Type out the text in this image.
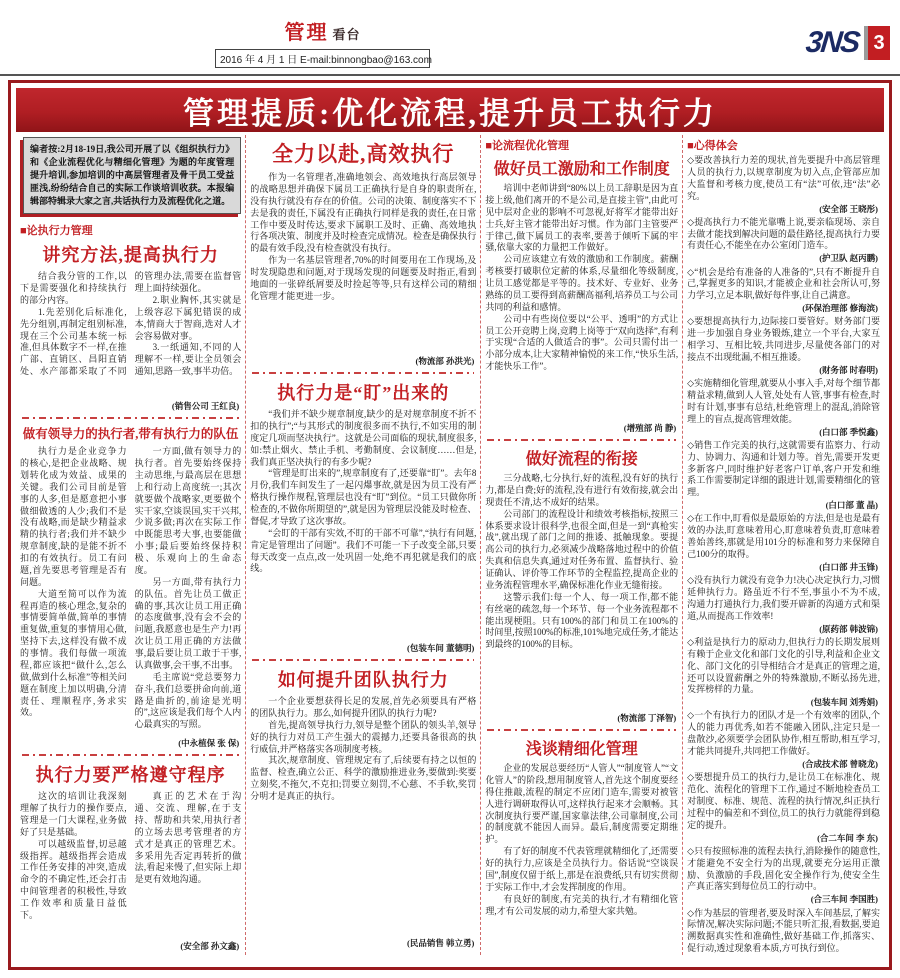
管理 看台
2016 年 4 月 1 日 E-mail:binnongbao@163.com
3NS 3
管理提质:优化流程,提升员工执行力

编者按:2月18-19日,我公司开展了以《组织执行力》和《企业流程优化与精细化管理》为题的年度管理提升培训,参加培训的中高层管理者及骨干员工受益匪浅,纷纷结合自己的实际工作谈培训收获。本报编辑部特辑录大家之言,共话执行力及流程优化之道。

■论执行力管理
讲究方法,提高执行力

结合我分管的工作,以下是需要强化和持续执行的部分内容。

1.先差别化后标准化,先分组别,再制定组别标准,现在三个公司基本统一标准,但具体数字不一样,在推广部、直销区、昌阳直销处、水产部都采取了不同的管理办法,需要在监督管理上面持续强化。

2.职业胸怀,其实就是上级容忍下属犯错误的成本,情商大于智商,选对人才会容易做对事。

3.一纸通知,不同的人理解不一样,要让全员领会通知,思路一致,事半功倍。

(销售公司 王红良)
做有领导力的执行者,带有执行力的队伍

执行力是企业竞争力的核心,是把企业战略、规划转化成为效益、成果的关键。我们公司目前是管事的人多,但是愿意把小事做细做透的人少;我们不是没有战略,而是缺少精益求精的执行者;我们并不缺少规章制度,缺的是能不折不扣的有效执行。员工有问题,首先要思考管理是否有问题。

大道至简可以作为流程再造的核心理念,复杂的事情要简单做,简单的事情重复做,重复的事情用心做,坚持下去,这样没有做不成的事情。我们每做一项流程,都应该把“做什么,怎么做,做到什么标准”等相关问题在制度上加以明确,分清责任、理顺程序,务求实效。

一方面,做有领导力的执行者。首先要始终保持主动思维,与最高层在思想上和行动上高度统一;其次就要做个战略家,更要做个实干家,空谈误国,实干兴邦,少说多做;再次在实际工作中既能思考大事,也要能做小事;最后要始终保持积极、乐观向上的生命态度。

另一方面,带有执行力的队伍。首先让员工做正确的事,其次让员工用正确的态度做事,没有会不会的问题,我愿意也是生产力!再次让员工用正确的方法做事,最后要让员工敢于干事,认真做事,会干事,不出事。

毛主席说“党总要努力奋斗,我们总要拼命向前,道路是曲折的,前途是光明的”,这应该是我们每个人内心最真实的写照。

(中永植保 张 保)
执行力要严格遵守程序

这次的培训让我深刻理解了执行力的操作要点,管理是一门大课程,业务做好了只是基础。

可以越级监督,切忌越级指挥。越级指挥会造成工作任务安排的冲突,造成命令的不确定性,还会打击中间管理者的积极性,导致工作效率和质量日益低下。

真正的艺术在于沟通、交流、理解,在于支持、帮助和共荣,用执行者的立场去思考管理者的方式才是真正的管理艺术。多采用先否定再转折的做法,看起来慢了,但实际上却是更有效地沟通。

(安全部 孙文鑫)
全力以赴,高效执行

作为一名管理者,准确地领会、高效地执行高层领导的战略思想并确保下属员工正确执行是自身的职责所在,没有执行就没有存在的价值。公司的决策、制度落实不下去是我的责任,下属没有正确执行同样是我的责任,在日常工作中要及时传达,要求下属职工及时、正确、高效地执行各项决策、制度并及时检查完成情况。检查是确保执行的最有效手段,没有检查就没有执行。

作为一名基层管理者,70%的时间要用在工作现场,及时发现隐患和问题,对于现场发现的问题要及时指正,看到地面的一张碎纸屑要及时捡起等等,只有这样公司的精细化管理才能更进一步。

(物流部 孙洪光)
执行力是“盯”出来的

“我们并不缺少规章制度,缺少的是对规章制度不折不扣的执行”;“与其形式的制度很多而不执行,不如实用的制度定几项而坚决执行”。这就是公司面临的现状,制度很多,如:禁止烟火、禁止手机、考勤制度、会议制度……但是,我们真正坚决执行的有多少呢?

“管理是盯出来的”,规章制度有了,还要靠“盯”。去年8月份,我们车间发生了一起闪爆事故,就是因为员工没有严格执行操作规程,管理层也没有“盯”到位。“员工只做你所检查的,不做你所期望的”,就是因为管理层没能及时检查、督促,才导致了这次事故。

“会盯的干部有实效,不盯的干部不可靠”,“执行有问题,肯定是管理出了问题”。我们不可能一下子改变全部,只要每天改变一点点,改一处巩固一处,绝不再犯就是我们的底线。

(包装车间 董德明)
如何提升团队执行力

一个企业要想获得长足的发展,首先必须要具有严格的团队执行力。那么,如何提升团队的执行力呢?

首先,提高领导执行力,领导是整个团队的领头羊,领导好的执行力对员工产生强大的震撼力,还要具备很高的执行威信,并严格落实各项制度考核。

其次,规章制度、管理规定有了,后续要有持之以恒的监督、检查,确立公正、科学的激励推进业务,要做到:奖要立刻奖,不拖欠,不克扣;罚要立刻罚,不心慈、不手软,奖罚分明才是真正的执行。

(民品销售 韩立勇)
■论流程优化管理
做好员工激励和工作制度

培训中老师讲到“80%以上员工辞职是因为直接上级,他们离开的不是公司,是直接主管”,由此可见中层对企业的影响不可忽视,好将军才能带出好士兵,好主管才能带出好习惯。作为部门主管要严于律己,做下属员工的表率,要善于倾听下属的牢骚,依靠大家的力量把工作做好。

公司应该建立有效的激励和工作制度。薪酬考核要打破职位定薪的体系,尽量细化等级制度,让员工感觉都是平等的。技术好、专业好、业务熟练的员工要得到高薪酬高福利,培养员工与公司共同的利益和感情。

公司中有些岗位要以“公平、透明”的方式让员工公开竞聘上岗,竞聘上岗等于“双向选择”,有利于实现“合适的人做适合的事”。公司只需付出一小部分成本,让大家精神愉悦的来工作,“快乐生活,才能快乐工作”。

(增殖部 尚 静)
做好流程的衔接

三分战略,七分执行,好的流程,没有好的执行力,都是白费;好的流程,没有进行有效衔接,就会出现责任不清,达不成好的结果。

公司部门的流程设计和绩效考核指标,按照三体系要求设计很科学,也很全面,但是一到“真枪实战”,就出现了部门之间的推诿、抵触现象。要提高公司的执行力,必须减少战略落地过程中的价值失真和信息失真,通过对任务布置、监督执行、验证确认、评价等工作环节的全程监控,提高企业的业务流程管理水平,确保标准化作业无缝衔接。

这警示我们:每一个人、每一项工作,都不能有丝毫的疏忽,每一个环节、每一个业务流程都不能出现梗阻。只有100%的部门和员工在100%的时间里,按照100%的标准,101%地完成任务,才能达到最终的100%的目标。

(物流部 丁泽智)
浅谈精细化管理

企业的发展总要经历“人管人”“制度管人”“文化管人”的阶段,想用制度管人,首先这个制度要经得住推敲,流程的制定不应闭门造车,需要对被管人进行调研取得认可,这样执行起来才会顺畅。其次制度执行要严谨,国家靠法律,公司靠制度,公司的制度就不能因人而异。最后,制度需要定期维护。

有了好的制度不代表管理就精细化了,还需要好的执行力,应该是全员执行力。俗话说“空谈误国”,制度仅留于纸上,那是在浪费纸,只有切实贯彻于实际工作中,才会发挥制度的作用。

有良好的制度,有完美的执行,才有精细化管理,才有公司发展的动力,希望大家共勉。

■心得体会
◇要改善执行力差的现状,首先要提升中高层管理人员的执行力,以规章制度为切入点,企管部应加大监督和考核力度,使员工有“法”可依,违“法”必究。
(安全部 王晓彤)
◇提高执行力不能光靠嘴上说,要亲临现场、亲自去做才能找到解决问题的最佳路径,提高执行力要有责任心,不能坐在办公室闭门造车。
(护卫队 赵丙鹏)
◇“机会是给有准备的人准备的”,只有不断提升自己,掌握更多的知识,才能被企业和社会所认可,努力学习,立足本职,做好每件事,让自己满意。
(环保治理部 修海滨)
◇要想提高执行力,边际接口要管好。财务部门要进一步加强自身业务锻炼,建立一个平台,大家互相学习、互相比较,共同进步,尽量使各部门的对接点不出现纰漏,不相互推诿。
(财务部 时春明)
◇实施精细化管理,就要从小事入手,对每个细节都精益求精,做到人人管,处处有人管,事事有检查,时时有计划,事事有总结,杜绝管理上的混乱,消除管理上的盲点,提高管理效能。
(白口部 季悦鑫)
◇销售工作完美的执行,这就需要有监察力、行动力、协调力、沟通和计划力等。首先,需要开发更多新客户,同时维护好老客户订单,客户开发和维系工作需要制定详细的跟进计划,需要精细化的管理。
(白口部 董 晶)
◇在工作中,盯看似是最原始的方法,但是也是最有效的办法,盯意味着用心,盯意味着负责,盯意味着善始善终,那就是用101分的标准和努力来保障自己100分的取得。
(白口部 井玉锋)
◇没有执行力就没有竞争力!决心决定执行力,习惯延伸执行力。路虽近不行不至,事虽小不为不成,沟通力打通执行力,我们要开辟新的沟通方式和渠道,从而提高工作效率!
(原药部 韩波锦)
◇利益是执行力的原动力,但执行力的长期发展则有赖于企业文化和部门文化的引导,利益和企业文化、部门文化的引导相结合才是真正的管理之道,还可以设置薪酬之外的特殊激励,不断弘扬先进,发挥榜样的力量。
(包装车间 刘秀娟)
◇一个有执行力的团队才是一个有效率的团队,个人的能力再优秀,如若不能融入团队,注定只是一盘散沙,必须要学会团队协作,相互帮助,相互学习,才能共同提升,共同把工作做好。
(合成技术部 曾晓龙)
◇要想提升员工的执行力,是让员工在标准化、规范化、流程化的管理下工作,通过不断地检查员工对制度、标准、规范、流程的执行情况,纠正执行过程中的偏差和不到位,员工的执行力就能得到稳定的提升。
(合二车间 李 东)
◇只有按照标准的流程去执行,消除操作的随意性,才能避免不安全行为的出现,就要充分运用正激励、负激励的手段,固化安全操作行为,使安全生产真正落实到每位员工的行动中。
(合三车间 李国胜)
◇作为基层的管理者,要及时深入车间基层,了解实际情况,解决实际问题;不能只听汇报,看数据,要追溯数据真实性和准确性,做好基础工作,抓落实、促行动,透过现象看本质,方可执行到位。
